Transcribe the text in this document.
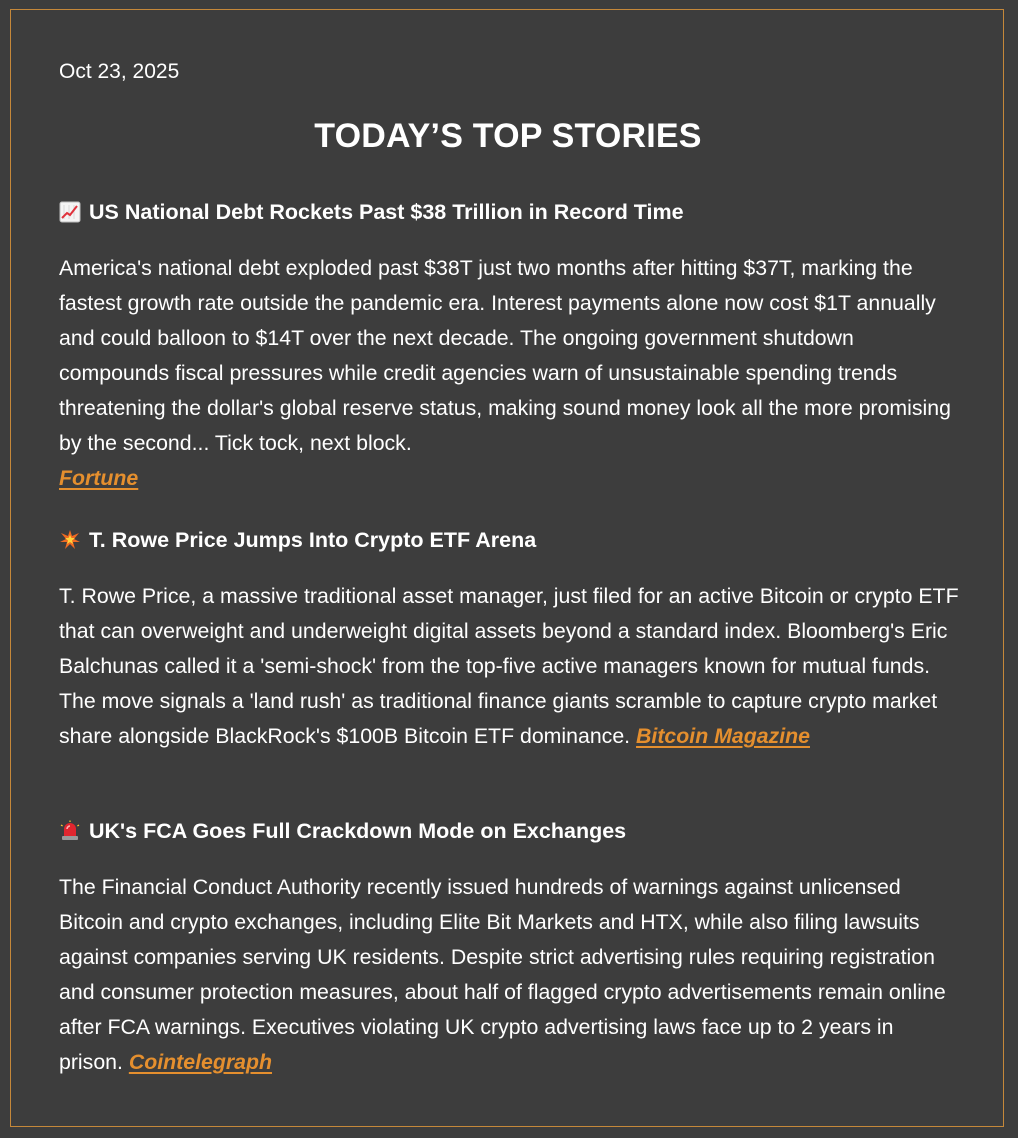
Oct 23, 2025
TODAY’S TOP STORIES
US National Debt Rockets Past $38 Trillion in Record Time
America's national debt exploded past $38T just two months after hitting $37T, marking the fastest growth rate outside the pandemic era. Interest payments alone now cost $1T annually and could balloon to $14T over the next decade. The ongoing government shutdown compounds fiscal pressures while credit agencies warn of unsustainable spending trends threatening the dollar's global reserve status, making sound money look all the more promising by the second... Tick tock, next block.
Fortune
T. Rowe Price Jumps Into Crypto ETF Arena
T. Rowe Price, a massive traditional asset manager, just filed for an active Bitcoin or crypto ETF that can overweight and underweight digital assets beyond a standard index. Bloomberg's Eric Balchunas called it a 'semi-shock' from the top-five active managers known for mutual funds. The move signals a 'land rush' as traditional finance giants scramble to capture crypto market share alongside BlackRock's $100B Bitcoin ETF dominance. Bitcoin Magazine
UK's FCA Goes Full Crackdown Mode on Exchanges
The Financial Conduct Authority recently issued hundreds of warnings against unlicensed Bitcoin and crypto exchanges, including Elite Bit Markets and HTX, while also filing lawsuits against companies serving UK residents. Despite strict advertising rules requiring registration and consumer protection measures, about half of flagged crypto advertisements remain online after FCA warnings. Executives violating UK crypto advertising laws face up to 2 years in prison. Cointelegraph
